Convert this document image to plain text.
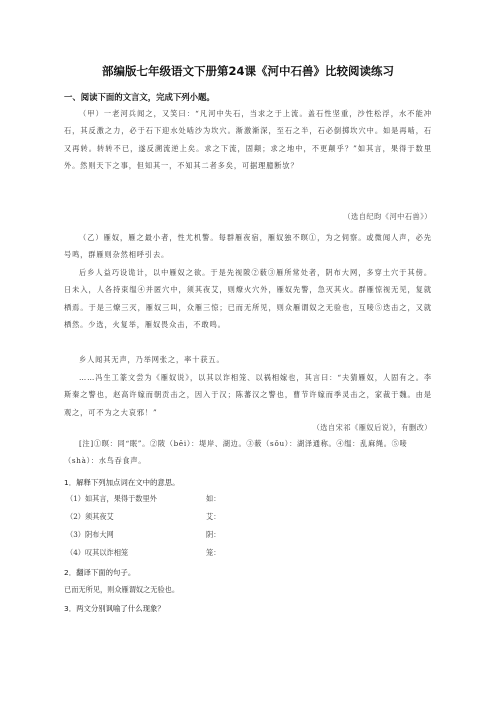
部编版七年级语文下册第24课《河中石兽》比较阅读练习
一、阅读下面的文言文，完成下列小题。
（甲）一老河兵闻之，又笑曰：“凡河中失石，当求之于上流。盖石性坚重，沙性松浮，水不能冲石，其反激之力，必于石下迎水处啮沙为坎穴。渐激渐深，至石之半，石必倒掷坎穴中。如是再啮，石又再转。转转不已，遂反溯流逆上矣。求之下流，固颠；求之地中，不更颠乎？”如其言，果得于数里外。然则天下之事，但知其一，不知其二者多矣，可据理臆断欤？
（选自纪昀《河中石兽》）
（乙）雁奴，雁之最小者，性尤机警。每群雁夜宿，雁奴独不暝①，为之伺察。或微闻人声，必先号鸣，群雁则杂然相呼引去。
后乡人益巧设诡计，以中雁奴之欲。于是先视陂②薮③雁所常处者，阴布大网，多穿土穴于其傍。日未入，人各持束缊④并匿穴中，须其夜艾，则燎火穴外，雁奴先警，急灭其火。群雁惊视无见，复就栖焉。于是三燎三灭，雁奴三叫，众雁三惊；已而无所见，则众雁谓奴之无验也，互唼⑤迭击之，又就栖然。少选，火复举，雁奴畏众击，不敢鸣。
乡人闻其无声，乃举网张之，率十获五。
……冯生工篆文尝为《雁奴说》，以其以诈相笼、以祸相嫁也，其言曰：“夫猜雁奴，人固有之。李斯秦之警也，赵高许嫁而朝贡击之，因入于汉；陈蕃汉之警也，曹节许嫁而季灵击之，家裁于魏。由是观之，可不为之大哀邪！”
（选自宋祁《雁奴后说》，有删改）
[注]①暝：同“眠”。②陂（bēi）：堤岸、湖边。③薮（sǒu）：湖泽通称。④缊：乱麻绳。⑤唼（shà）：水鸟吞食声。
1．解释下列加点词在文中的意思。
（1）如其言，果得于数里外	如：
（2）须其夜艾	艾：
（3）阴布大网	阴：
（4）叹其以诈相笼	笼：
2．翻译下面的句子。
已而无所见，则众雁谓奴之无验也。
3．两文分别讽喻了什么现象？
